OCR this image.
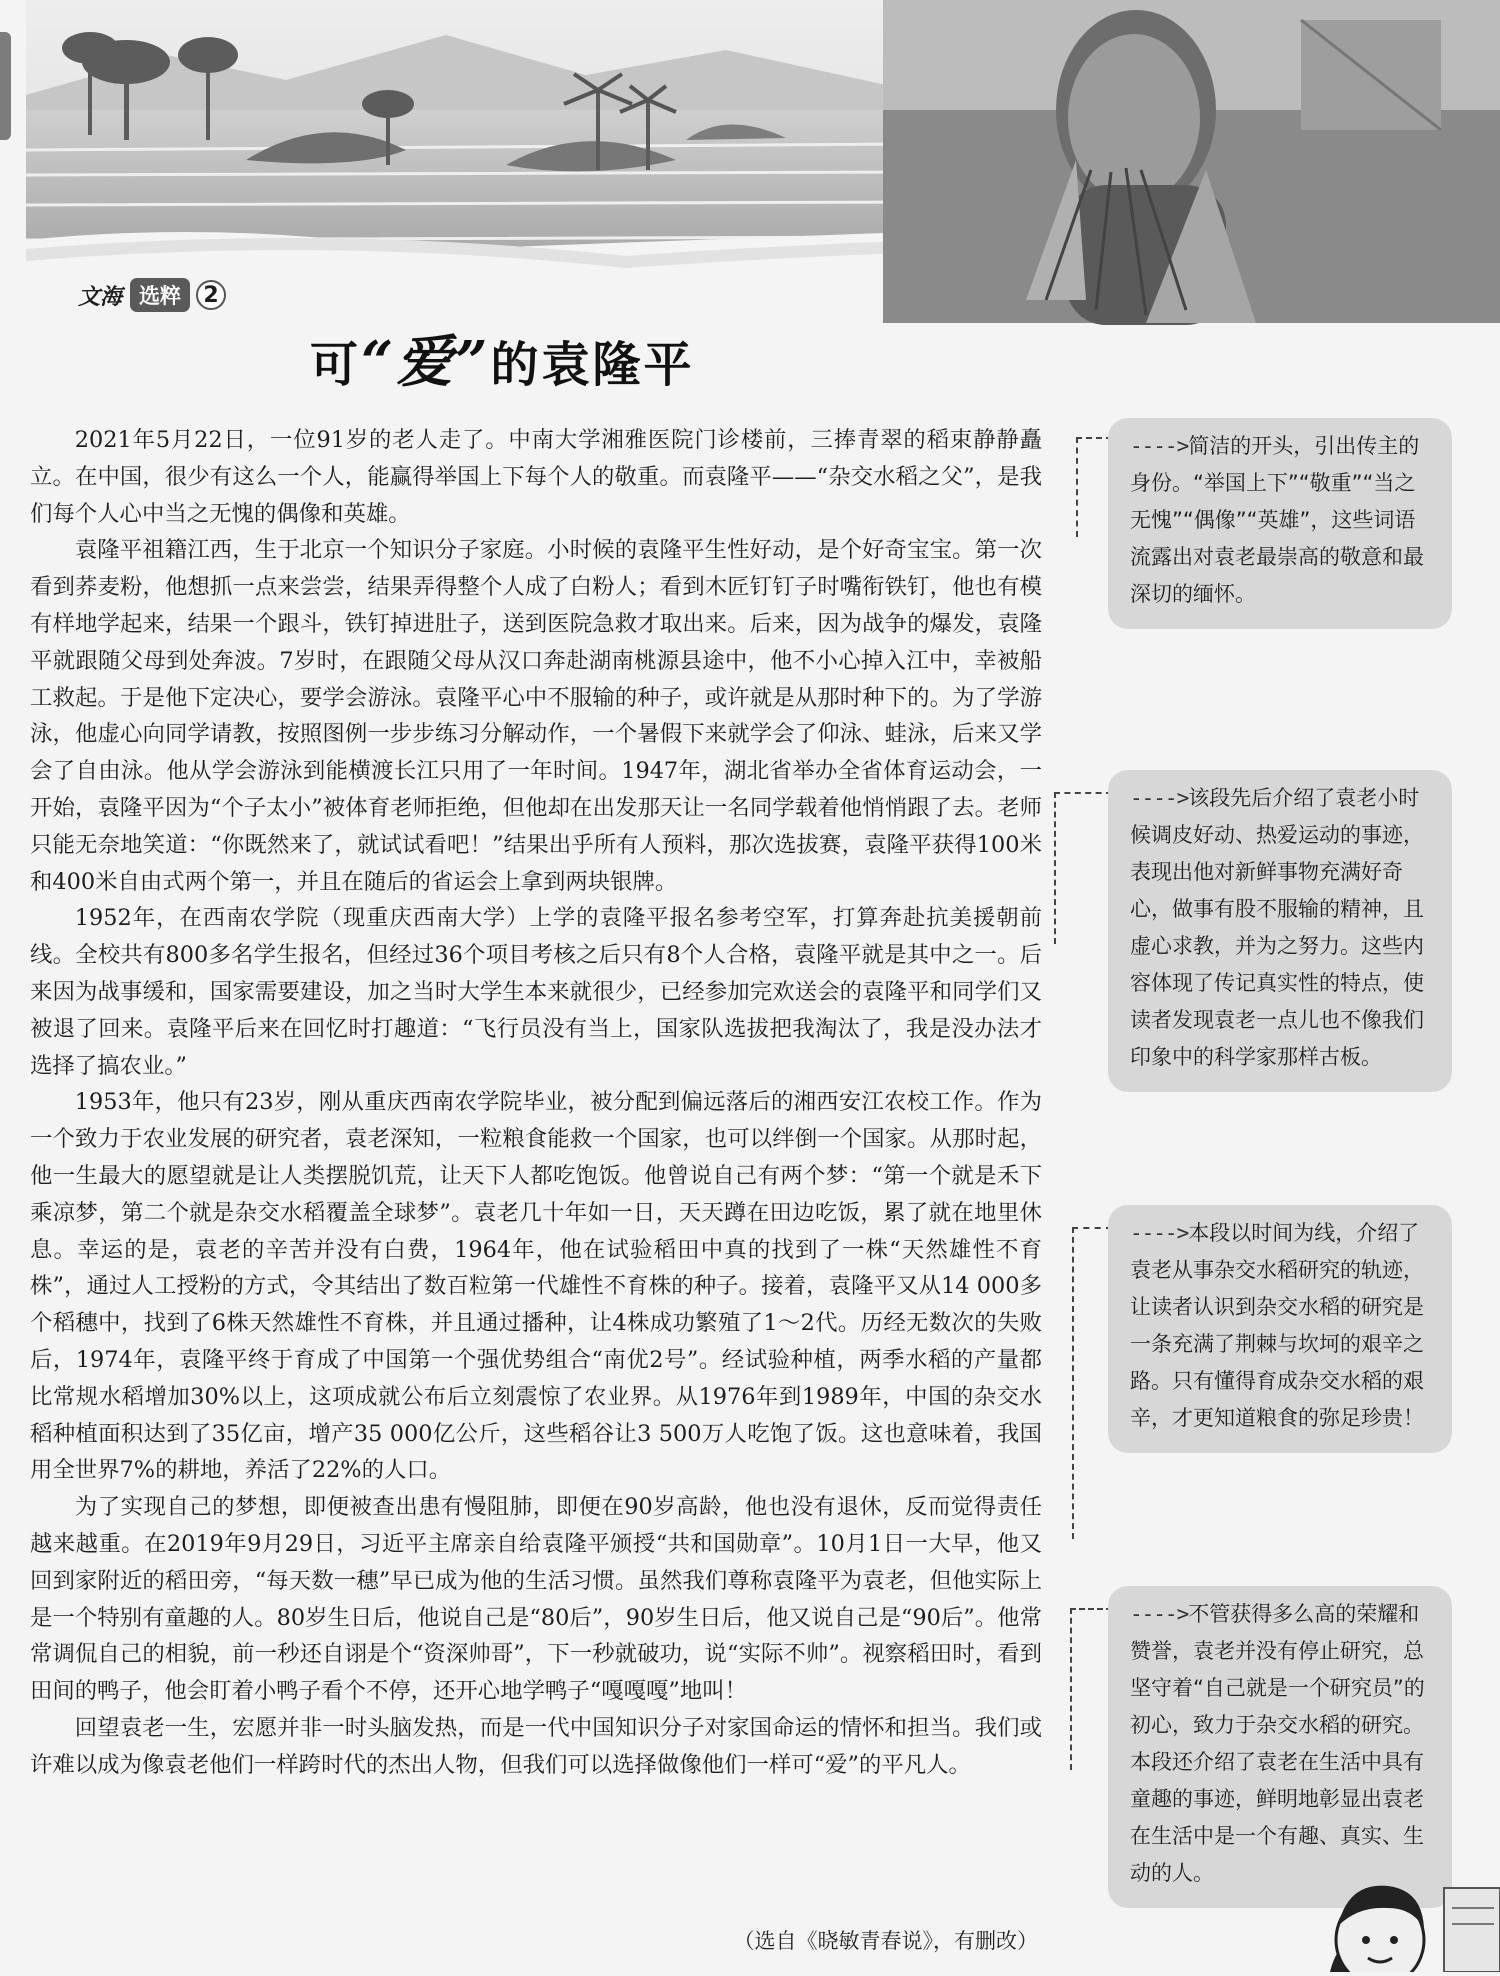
文海 选粹	2
可“爱”的袁隆平

2021年5月22日，一位91岁的老人走了。中南大学湘雅医院门诊楼前，三捧青翠的稻束静静矗立。在中国，很少有这么一个人，能赢得举国上下每个人的敬重。而袁隆平——“杂交水稻之父”，是我们每个人心中当之无愧的偶像和英雄。

袁隆平祖籍江西，生于北京一个知识分子家庭。小时候的袁隆平生性好动，是个好奇宝宝。第一次看到荞麦粉，他想抓一点来尝尝，结果弄得整个人成了白粉人；看到木匠钉钉子时嘴衔铁钉，他也有模有样地学起来，结果一个跟斗，铁钉掉进肚子，送到医院急救才取出来。后来，因为战争的爆发，袁隆平就跟随父母到处奔波。7岁时，在跟随父母从汉口奔赴湖南桃源县途中，他不小心掉入江中，幸被船工救起。于是他下定决心，要学会游泳。袁隆平心中不服输的种子，或许就是从那时种下的。为了学游泳，他虚心向同学请教，按照图例一步步练习分解动作，一个暑假下来就学会了仰泳、蛙泳，后来又学会了自由泳。他从学会游泳到能横渡长江只用了一年时间。1947年，湖北省举办全省体育运动会，一开始，袁隆平因为“个子太小”被体育老师拒绝，但他却在出发那天让一名同学载着他悄悄跟了去。老师只能无奈地笑道：“你既然来了，就试试看吧！”结果出乎所有人预料，那次选拔赛，袁隆平获得100米和400米自由式两个第一，并且在随后的省运会上拿到两块银牌。

1952年，在西南农学院（现重庆西南大学）上学的袁隆平报名参考空军，打算奔赴抗美援朝前线。全校共有800多名学生报名，但经过36个项目考核之后只有8个人合格，袁隆平就是其中之一。后来因为战事缓和，国家需要建设，加之当时大学生本来就很少，已经参加完欢送会的袁隆平和同学们又被退了回来。袁隆平后来在回忆时打趣道：“飞行员没有当上，国家队选拔把我淘汰了，我是没办法才选择了搞农业。”

1953年，他只有23岁，刚从重庆西南农学院毕业，被分配到偏远落后的湘西安江农校工作。作为一个致力于农业发展的研究者，袁老深知，一粒粮食能救一个国家，也可以绊倒一个国家。从那时起，他一生最大的愿望就是让人类摆脱饥荒，让天下人都吃饱饭。他曾说自己有两个梦：“第一个就是禾下乘凉梦，第二个就是杂交水稻覆盖全球梦”。袁老几十年如一日，天天蹲在田边吃饭，累了就在地里休息。幸运的是，袁老的辛苦并没有白费，1964年，他在试验稻田中真的找到了一株“天然雄性不育株”，通过人工授粉的方式，令其结出了数百粒第一代雄性不育株的种子。接着，袁隆平又从14 000多个稻穗中，找到了6株天然雄性不育株，并且通过播种，让4株成功繁殖了1～2代。历经无数次的失败后，1974年，袁隆平终于育成了中国第一个强优势组合“南优2号”。经试验种植，两季水稻的产量都比常规水稻增加30%以上，这项成就公布后立刻震惊了农业界。从1976年到1989年，中国的杂交水稻种植面积达到了35亿亩，增产35 000亿公斤，这些稻谷让3 500万人吃饱了饭。这也意味着，我国用全世界7%的耕地，养活了22%的人口。

为了实现自己的梦想，即便被查出患有慢阻肺，即便在90岁高龄，他也没有退休，反而觉得责任越来越重。在2019年9月29日，习近平主席亲自给袁隆平颁授“共和国勋章”。10月1日一大早，他又回到家附近的稻田旁，“每天数一穗”早已成为他的生活习惯。虽然我们尊称袁隆平为袁老，但他实际上是一个特别有童趣的人。80岁生日后，他说自己是“80后”，90岁生日后，他又说自己是“90后”。他常常调侃自己的相貌，前一秒还自诩是个“资深帅哥”，下一秒就破功，说“实际不帅”。视察稻田时，看到田间的鸭子，他会盯着小鸭子看个不停，还开心地学鸭子“嘎嘎嘎”地叫！

回望袁老一生，宏愿并非一时头脑发热，而是一代中国知识分子对家国命运的情怀和担当。我们或许难以成为像袁老他们一样跨时代的杰出人物，但我们可以选择做像他们一样可“爱”的平凡人。

（选自《晓敏青春说》，有删改）
---->简洁的开头，引出传主的身份。“举国上下”“敬重”“当之无愧”“偶像”“英雄”，这些词语流露出对袁老最崇高的敬意和最深切的缅怀。
---->该段先后介绍了袁老小时候调皮好动、热爱运动的事迹，表现出他对新鲜事物充满好奇心，做事有股不服输的精神，且虚心求教，并为之努力。这些内容体现了传记真实性的特点，使读者发现袁老一点儿也不像我们印象中的科学家那样古板。
---->本段以时间为线，介绍了袁老从事杂交水稻研究的轨迹，让读者认识到杂交水稻的研究是一条充满了荆棘与坎坷的艰辛之路。只有懂得育成杂交水稻的艰辛，才更知道粮食的弥足珍贵！
---->不管获得多么高的荣耀和赞誉，袁老并没有停止研究，总坚守着“自己就是一个研究员”的初心，致力于杂交水稻的研究。本段还介绍了袁老在生活中具有童趣的事迹，鲜明地彰显出袁老在生活中是一个有趣、真实、生动的人。
